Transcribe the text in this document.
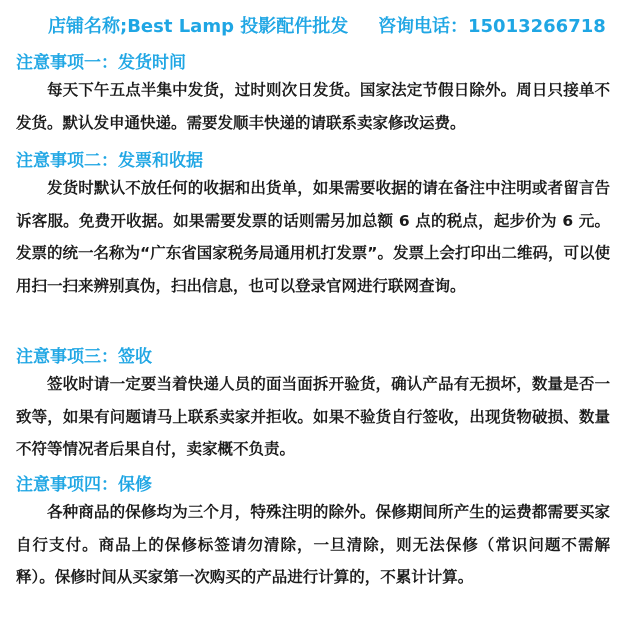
店铺名称;Best Lamp 投影配件批发 咨询电话：15013266718
注意事项一：发货时间

每天下午五点半集中发货，过时则次日发货。国家法定节假日除外。周日只接单不发货。默认发申通快递。需要发顺丰快递的请联系卖家修改运费。

注意事项二：发票和收据

发货时默认不放任何的收据和出货单，如果需要收据的请在备注中注明或者留言告诉客服。免费开收据。如果需要发票的话则需另加总额 6 点的税点，起步价为 6 元。发票的统一名称为“广东省国家税务局通用机打发票”。发票上会打印出二维码，可以使用扫一扫来辨别真伪，扫出信息，也可以登录官网进行联网查询。

注意事项三：签收

签收时请一定要当着快递人员的面当面拆开验货，确认产品有无损坏，数量是否一致等，如果有问题请马上联系卖家并拒收。如果不验货自行签收，出现货物破损、数量不符等情况者后果自付，卖家概不负责。

注意事项四：保修

各种商品的保修均为三个月，特殊注明的除外。保修期间所产生的运费都需要买家自行支付。商品上的保修标签请勿清除，一旦清除，则无法保修（常识问题不需解释）。保修时间从买家第一次购买的产品进行计算的，不累计计算。
